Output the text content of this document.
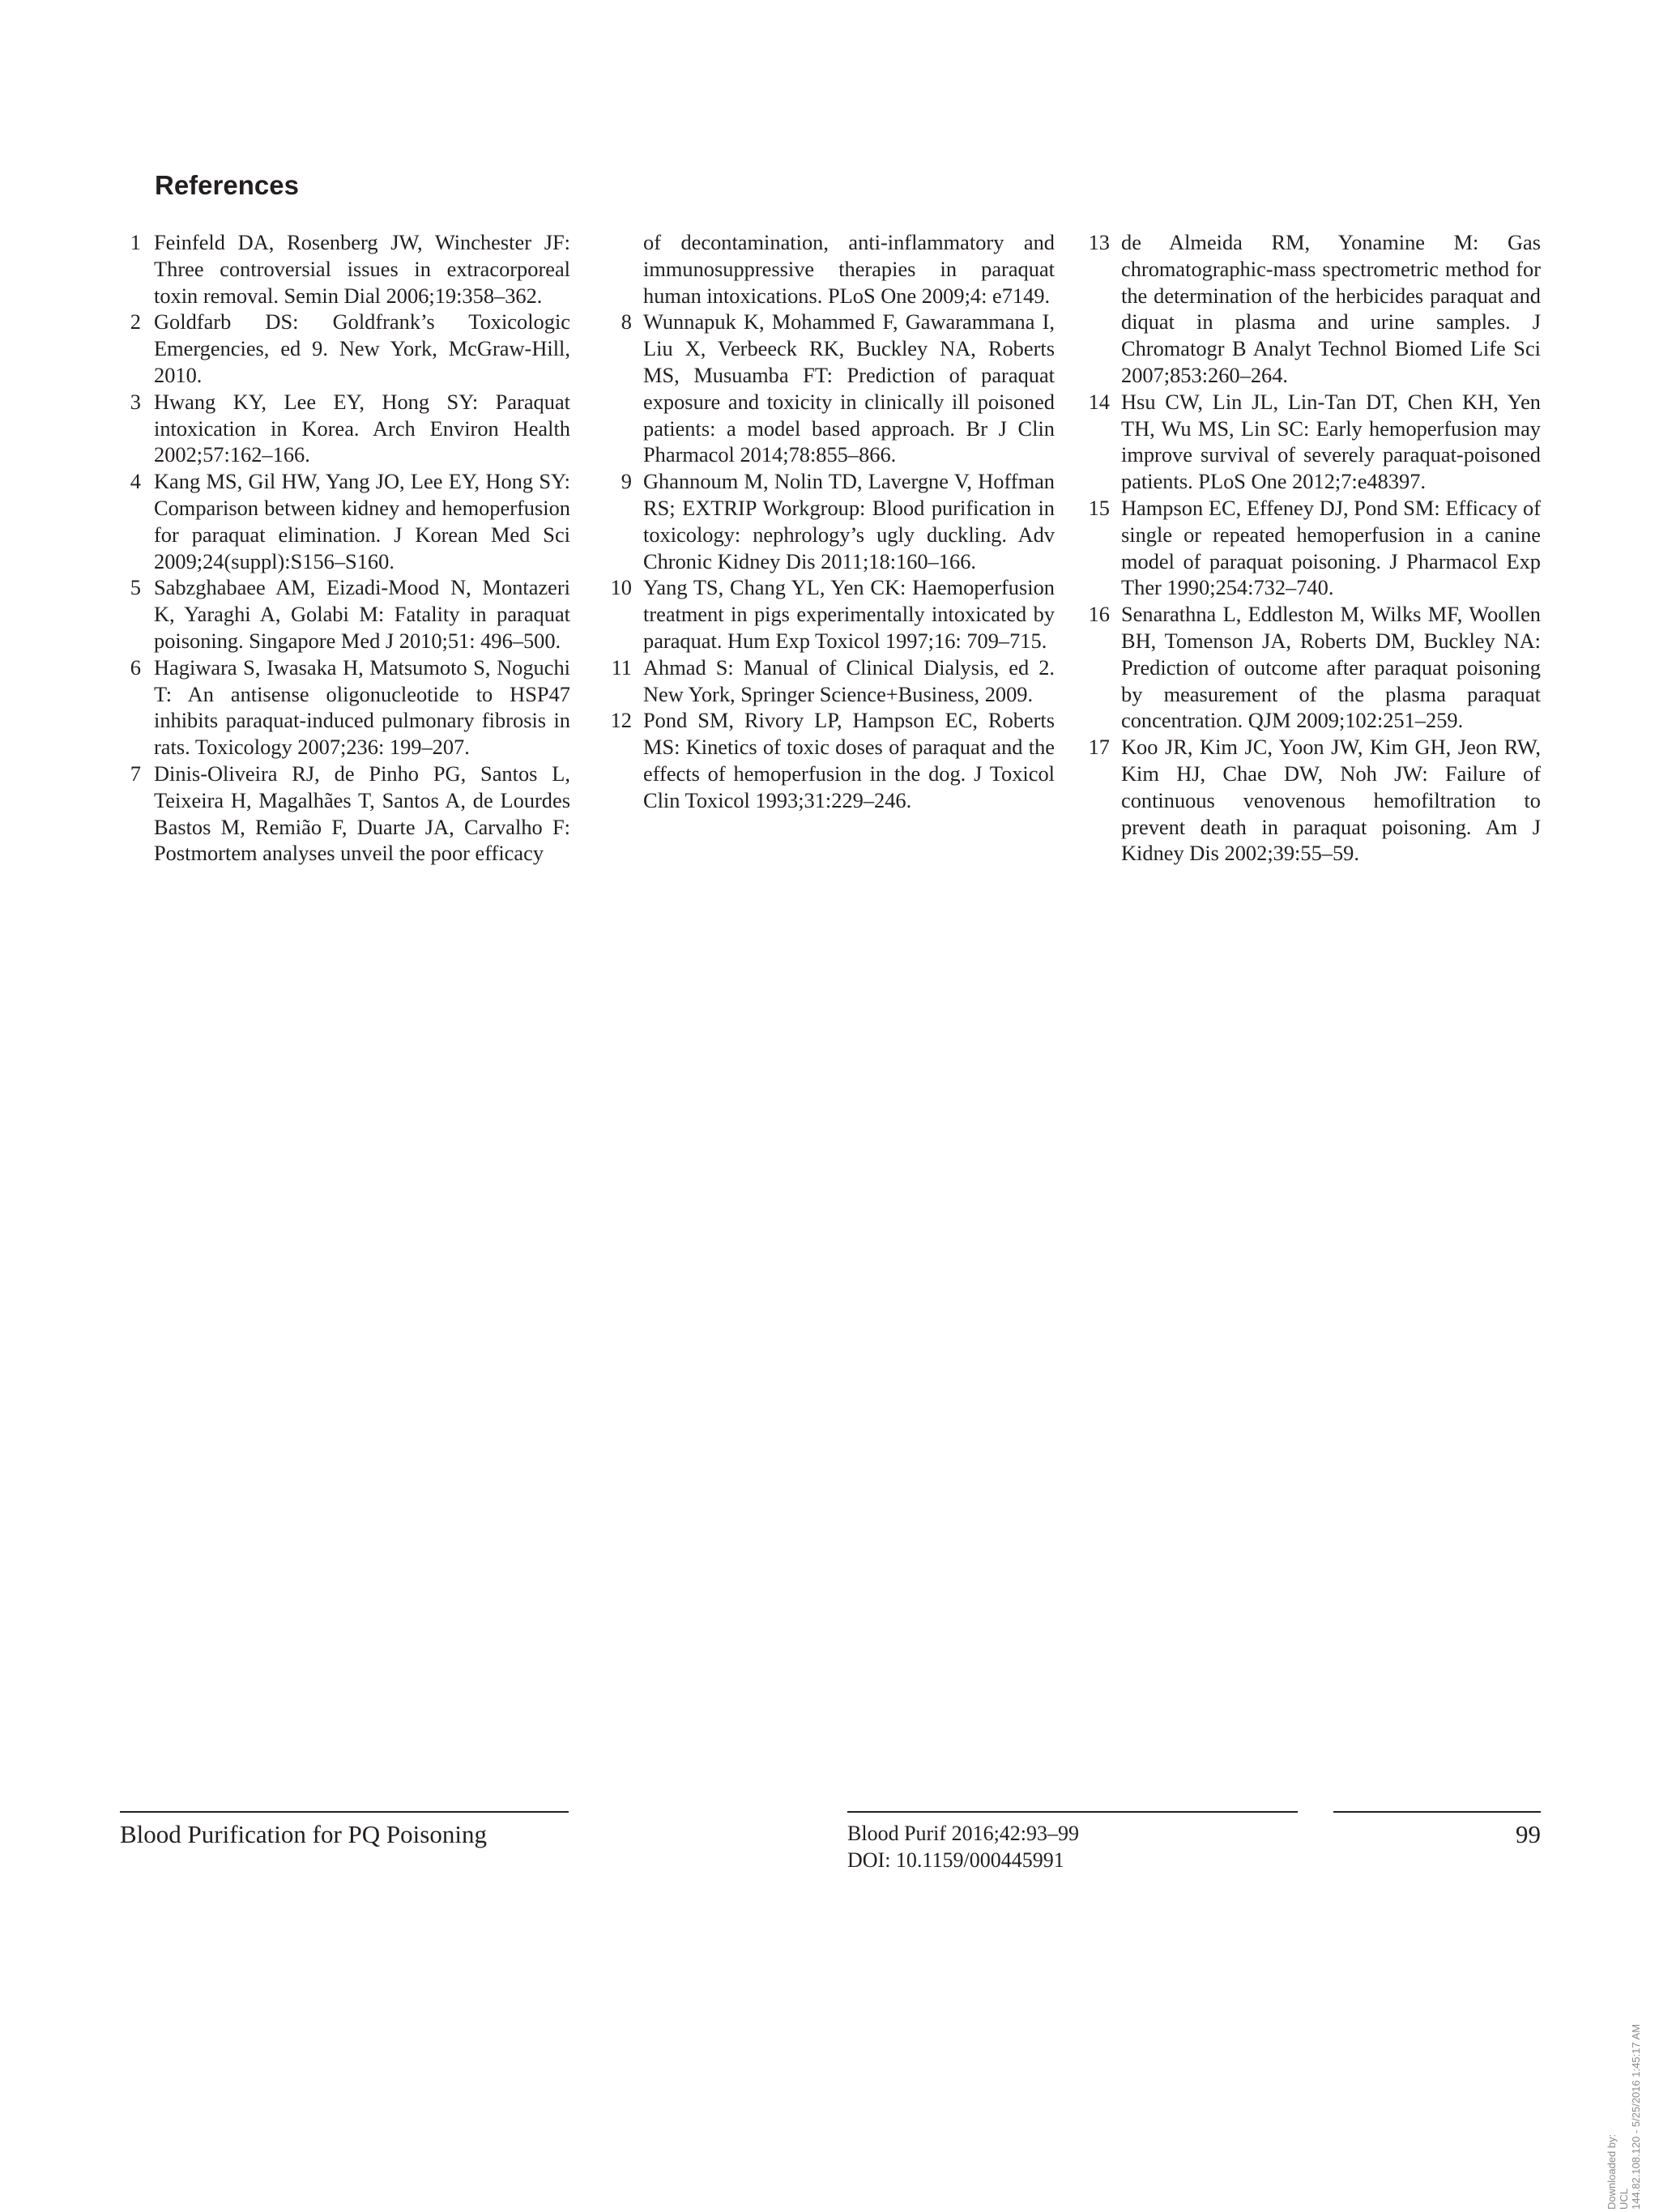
References
1 Feinfeld DA, Rosenberg JW, Winchester JF: Three controversial issues in extracorporeal toxin removal. Semin Dial 2006;19:358–362.
2 Goldfarb DS: Goldfrank’s Toxicologic Emergencies, ed 9. New York, McGraw-Hill, 2010.
3 Hwang KY, Lee EY, Hong SY: Paraquat intoxication in Korea. Arch Environ Health 2002;57:162–166.
4 Kang MS, Gil HW, Yang JO, Lee EY, Hong SY: Comparison between kidney and hemoperfusion for paraquat elimination. J Korean Med Sci 2009;24(suppl):S156–S160.
5 Sabzghabaee AM, Eizadi-Mood N, Montazeri K, Yaraghi A, Golabi M: Fatality in paraquat poisoning. Singapore Med J 2010;51: 496–500.
6 Hagiwara S, Iwasaka H, Matsumoto S, Noguchi T: An antisense oligonucleotide to HSP47 inhibits paraquat-induced pulmonary fibrosis in rats. Toxicology 2007;236: 199–207.
7 Dinis-Oliveira RJ, de Pinho PG, Santos L, Teixeira H, Magalhães T, Santos A, de Lourdes Bastos M, Remião F, Duarte JA, Carvalho F: Postmortem analyses unveil the poor efficacy
of decontamination, anti-inflammatory and immunosuppressive therapies in paraquat human intoxications. PLoS One 2009;4: e7149.
8 Wunnapuk K, Mohammed F, Gawarammana I, Liu X, Verbeeck RK, Buckley NA, Roberts MS, Musuamba FT: Prediction of paraquat exposure and toxicity in clinically ill poisoned patients: a model based approach. Br J Clin Pharmacol 2014;78:855–866.
9 Ghannoum M, Nolin TD, Lavergne V, Hoffman RS; EXTRIP Workgroup: Blood purification in toxicology: nephrology’s ugly duckling. Adv Chronic Kidney Dis 2011;18:160–166.
10 Yang TS, Chang YL, Yen CK: Haemoperfusion treatment in pigs experimentally intoxicated by paraquat. Hum Exp Toxicol 1997;16: 709–715.
11 Ahmad S: Manual of Clinical Dialysis, ed 2. New York, Springer Science+Business, 2009.
12 Pond SM, Rivory LP, Hampson EC, Roberts MS: Kinetics of toxic doses of paraquat and the effects of hemoperfusion in the dog. J Toxicol Clin Toxicol 1993;31:229–246.
13 de Almeida RM, Yonamine M: Gas chromatographic-mass spectrometric method for the determination of the herbicides paraquat and diquat in plasma and urine samples. J Chromatogr B Analyt Technol Biomed Life Sci 2007;853:260–264.
14 Hsu CW, Lin JL, Lin-Tan DT, Chen KH, Yen TH, Wu MS, Lin SC: Early hemoperfusion may improve survival of severely paraquat-poisoned patients. PLoS One 2012;7:e48397.
15 Hampson EC, Effeney DJ, Pond SM: Efficacy of single or repeated hemoperfusion in a canine model of paraquat poisoning. J Pharmacol Exp Ther 1990;254:732–740.
16 Senarathna L, Eddleston M, Wilks MF, Woollen BH, Tomenson JA, Roberts DM, Buckley NA: Prediction of outcome after paraquat poisoning by measurement of the plasma paraquat concentration. QJM 2009;102:251–259.
17 Koo JR, Kim JC, Yoon JW, Kim GH, Jeon RW, Kim HJ, Chae DW, Noh JW: Failure of continuous venovenous hemofiltration to prevent death in paraquat poisoning. Am J Kidney Dis 2002;39:55–59.
Blood Purification for PQ Poisoning	Blood Purif 2016;42:93–99
DOI: 10.1159/000445991
99
Downloaded by: UCL 144.82.108.120 - 5/25/2016 1:45:17 AM
